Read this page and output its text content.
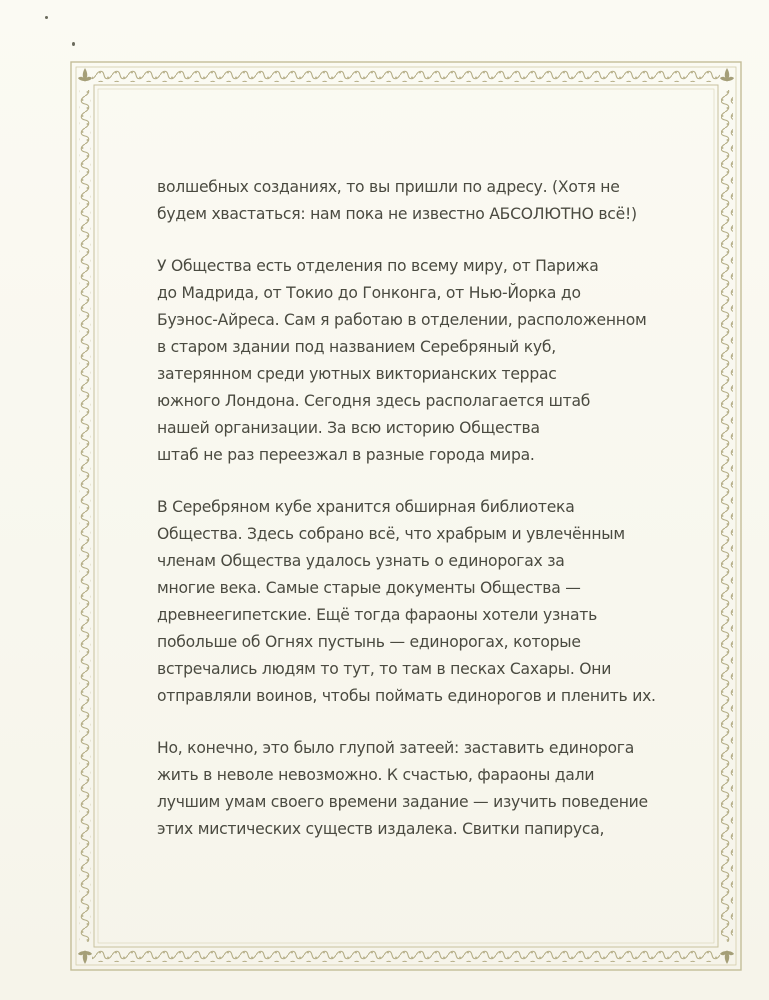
волшебных созданиях, то вы пришли по адресу. (Хотя не
будем хвастаться: нам пока не известно АБСОЛЮТНО всё!)

У Общества есть отделения по всему миру, от Парижа
до Мадрида, от Токио до Гонконга, от Нью-Йорка до
Буэнос-Айреса. Сам я работаю в отделении, расположенном
в старом здании под названием Серебряный куб,
затерянном среди уютных викторианских террас
южного Лондона. Сегодня здесь располагается штаб
нашей организации. За всю историю Общества
штаб не раз переезжал в разные города мира.

В Серебряном кубе хранится обширная библиотека
Общества. Здесь собрано всё, что храбрым и увлечённым
членам Общества удалось узнать о единорогах за
многие века. Самые старые документы Общества —
древнеегипетские. Ещё тогда фараоны хотели узнать
побольше об Огнях пустынь — единорогах, которые
встречались людям то тут, то там в песках Сахары. Они
отправляли воинов, чтобы поймать единорогов и пленить их.

Но, конечно, это было глупой затеей: заставить единорога
жить в неволе невозможно. К счастью, фараоны дали
лучшим умам своего времени задание — изучить поведение
этих мистических существ издалека. Свитки папируса,
